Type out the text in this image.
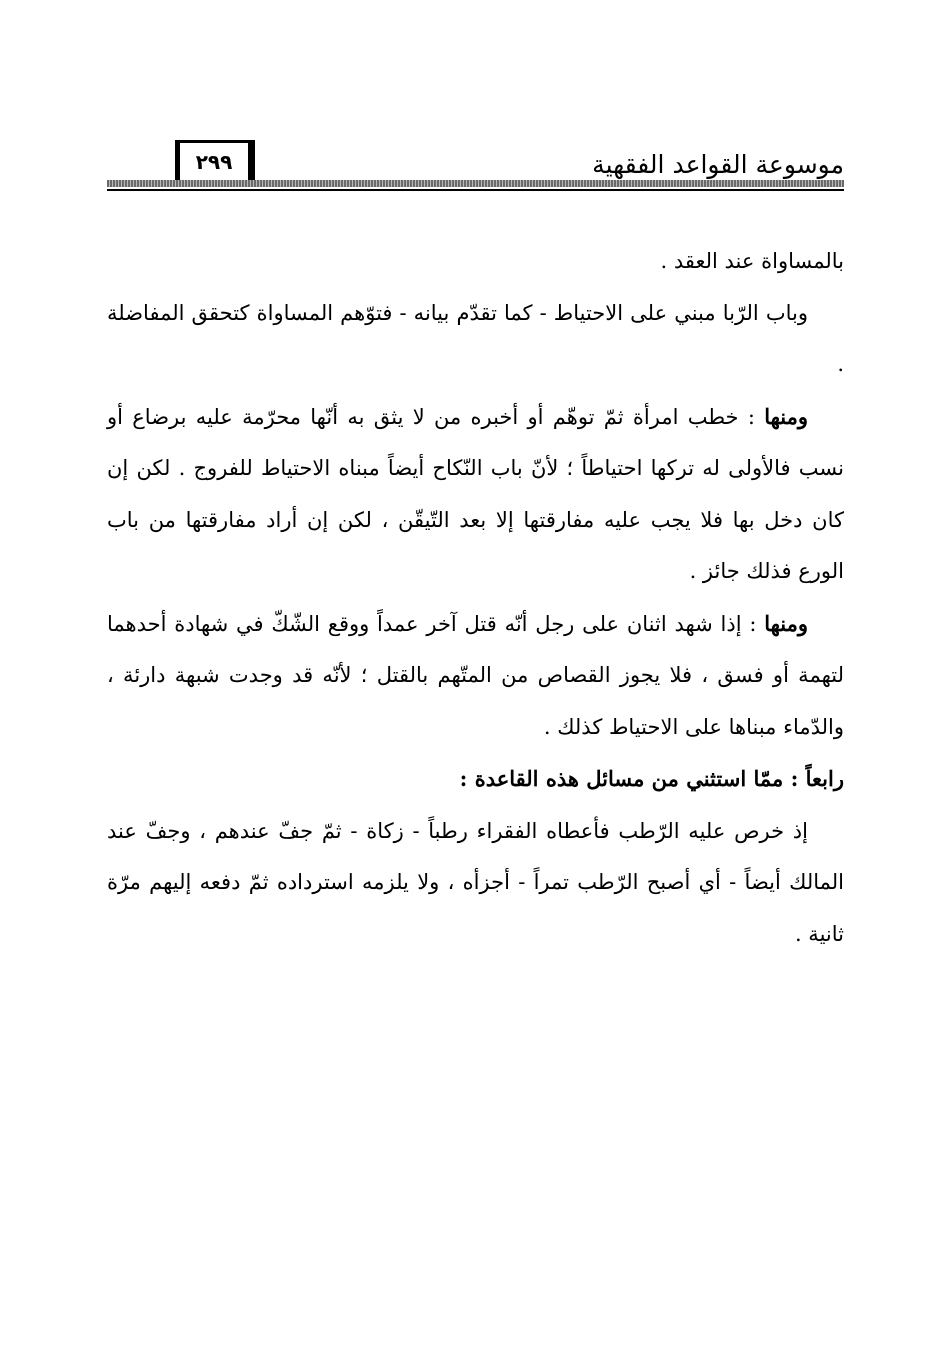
موسوعة القواعد الفقهية
٢٩٩

بالمساواة عند العقد .

وباب الرّبا مبني على الاحتياط - كما تقدّم بيانه - فتوّهم المساواة كتحقق المفاضلة .

ومنها : خطب امرأة ثمّ توهّم أو أخبره من لا يثق به أنّها محرّمة عليه برضاع أو نسب فالأولى له تركها احتياطاً ؛ لأنّ باب النّكاح أيضاً مبناه الاحتياط للفروج . لكن إن كان دخل بها فلا يجب عليه مفارقتها إلا بعد التّيقّن ، لكن إن أراد مفارقتها من باب الورع فذلك جائز .

ومنها : إذا شهد اثنان على رجل أنّه قتل آخر عمداً ووقع الشّكّ في شهادة أحدهما لتهمة أو فسق ، فلا يجوز القصاص من المتّهم بالقتل ؛ لأنّه قد وجدت شبهة دارئة ، والدّماء مبناها على الاحتياط كذلك .

رابعاً : ممّا استثني من مسائل هذه القاعدة :

إذ خرص عليه الرّطب فأعطاه الفقراء رطباً - زكاة - ثمّ جفّ عندهم ، وجفّ عند المالك أيضاً - أي أصبح الرّطب تمراً - أجزأه ، ولا يلزمه استرداده ثمّ دفعه إليهم مرّة ثانية .
